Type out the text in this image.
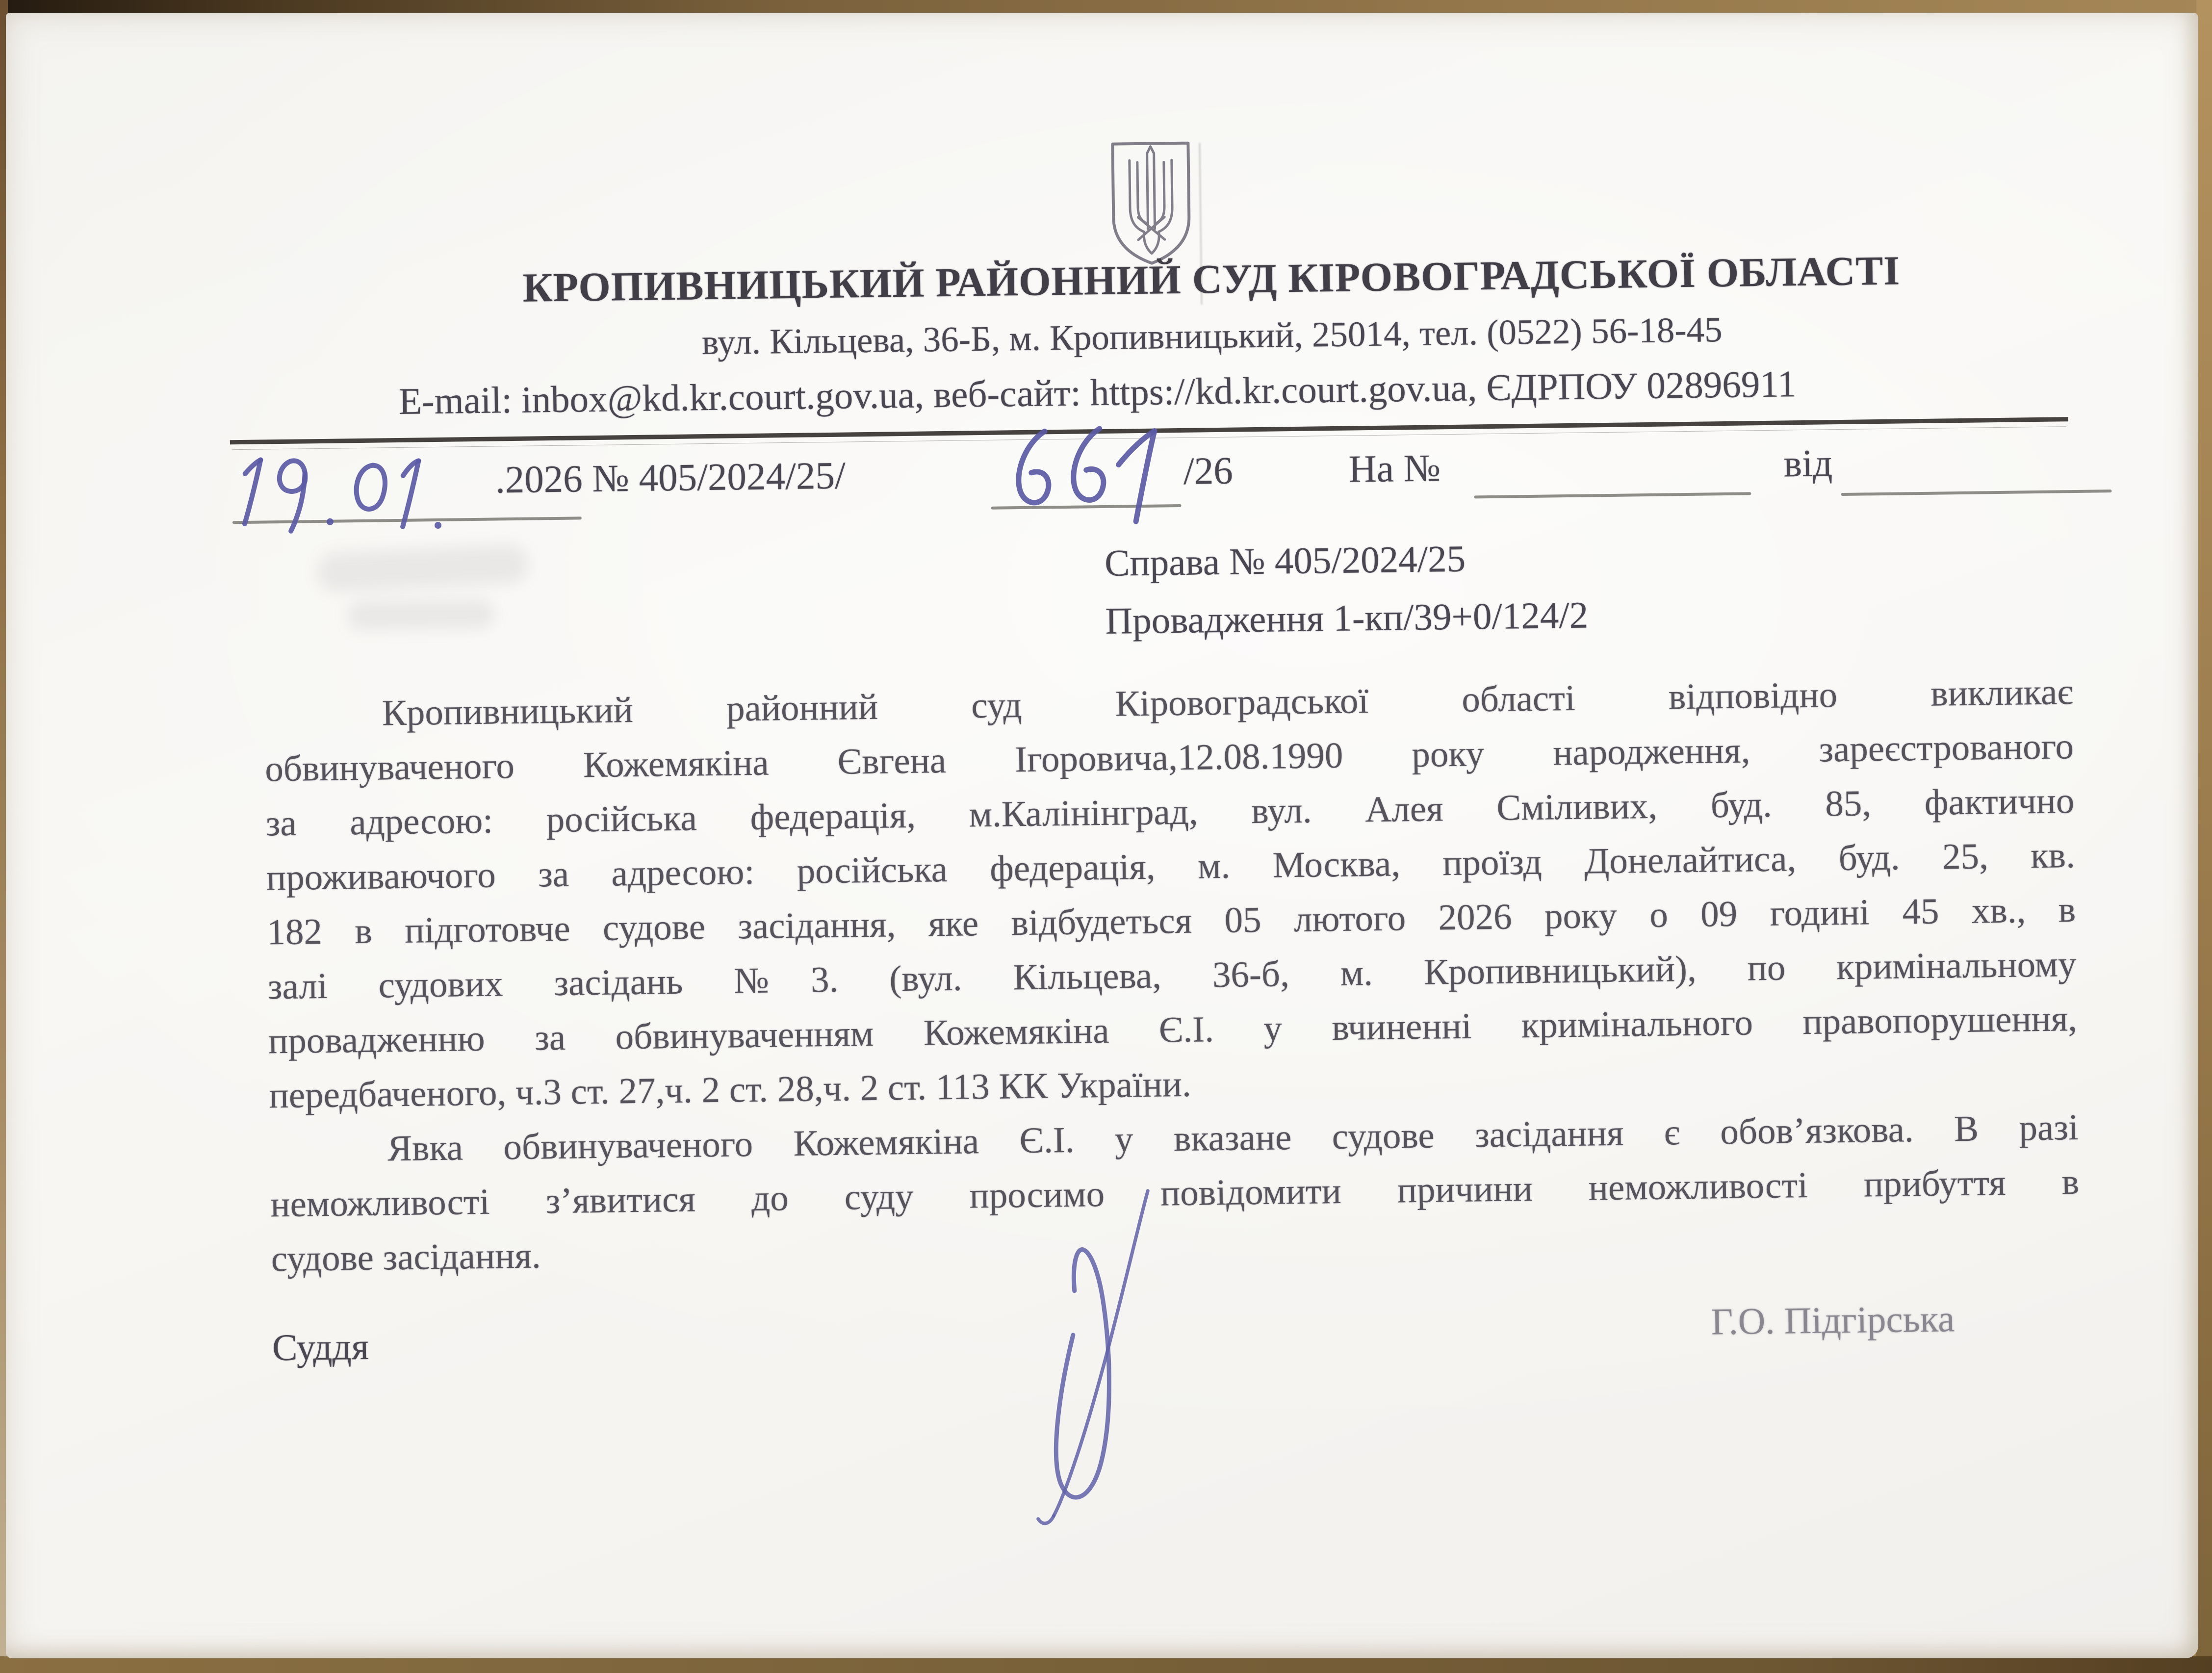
КРОПИВНИЦЬКИЙ РАЙОННИЙ СУД КІРОВОГРАДСЬКОЇ ОБЛАСТІ
вул. Кільцева, 36-Б, м. Кропивницький, 25014, тел. (0522) 56-18-45
E-mail: inbox@kd.kr.court.gov.ua, веб-сайт: https://kd.kr.court.gov.ua, ЄДРПОУ 02896911
.2026 № 405/2024/25/	/26	На №	від
Справа № 405/2024/25
Провадження 1-кп/39+0/124/2
Кропивницький районний суд Кіровоградської області відповідно викликає
обвинуваченого Кожемякіна Євгена Ігоровича,12.08.1990 року народження, зареєстрованого
за адресою: російська федерація, м.Калінінград, вул. Алея Сміливих, буд. 85, фактично
проживаючого за адресою: російська федерація, м. Москва, проїзд Донелайтиса, буд. 25, кв.
182 в підготовче судове засідання, яке відбудеться 05 лютого 2026 року о 09 годині 45 хв., в
залі судових засідань №3. (вул. Кільцева, 36-б, м. Кропивницький), по кримінальному
провадженню за обвинуваченням Кожемякіна Є.І. у вчиненні кримінального правопорушення,
передбаченого, ч.3 ст. 27,ч. 2 ст. 28,ч. 2 ст. 113 КК України.
Явка обвинуваченого Кожемякіна Є.І. у вказане судове засідання є обов’язкова. В разі
неможливості з’явитися до суду просимо повідомити причини неможливості прибуття в
судове засідання.
Суддя
Г.О. Підгірська
